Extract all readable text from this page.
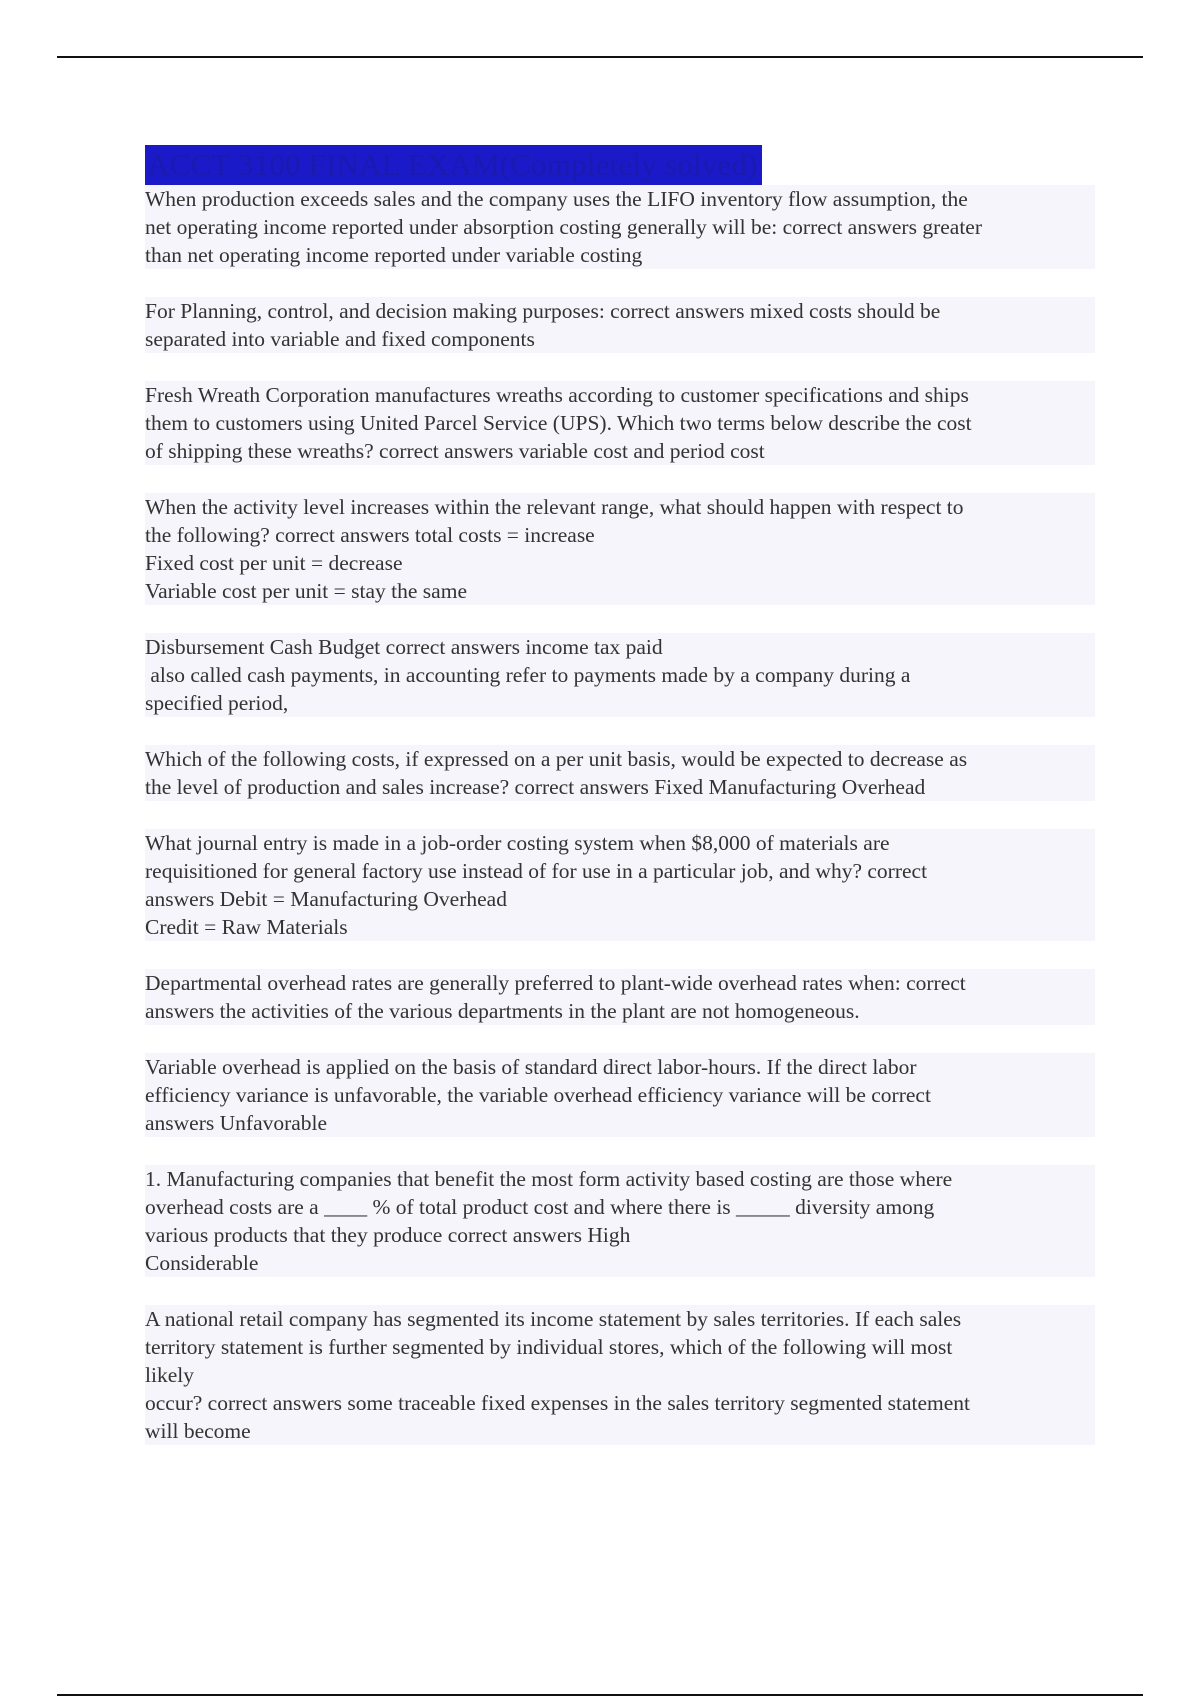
ACCT 3100 FINAL EXAM(Completely solved)
When production exceeds sales and the company uses the LIFO inventory flow assumption, the
net operating income reported under absorption costing generally will be: correct answers greater
than net operating income reported under variable costing
For Planning, control, and decision making purposes: correct answers mixed costs should be
separated into variable and fixed components
Fresh Wreath Corporation manufactures wreaths according to customer specifications and ships
them to customers using United Parcel Service (UPS). Which two terms below describe the cost
of shipping these wreaths? correct answers variable cost and period cost
When the activity level increases within the relevant range, what should happen with respect to
the following? correct answers total costs = increase
Fixed cost per unit = decrease
Variable cost per unit = stay the same
Disbursement Cash Budget correct answers income tax paid
also called cash payments, in accounting refer to payments made by a company during a
specified period,
Which of the following costs, if expressed on a per unit basis, would be expected to decrease as
the level of production and sales increase? correct answers Fixed Manufacturing Overhead
What journal entry is made in a job-order costing system when $8,000 of materials are
requisitioned for general factory use instead of for use in a particular job, and why? correct
answers Debit = Manufacturing Overhead
Credit = Raw Materials
Departmental overhead rates are generally preferred to plant-wide overhead rates when: correct
answers the activities of the various departments in the plant are not homogeneous.
Variable overhead is applied on the basis of standard direct labor-hours. If the direct labor
efficiency variance is unfavorable, the variable overhead efficiency variance will be correct
answers Unfavorable
1. Manufacturing companies that benefit the most form activity based costing are those where
overhead costs are a ____ % of total product cost and where there is _____ diversity among
various products that they produce correct answers High
Considerable
A national retail company has segmented its income statement by sales territories. If each sales
territory statement is further segmented by individual stores, which of the following will most
likely
occur? correct answers some traceable fixed expenses in the sales territory segmented statement
will become
